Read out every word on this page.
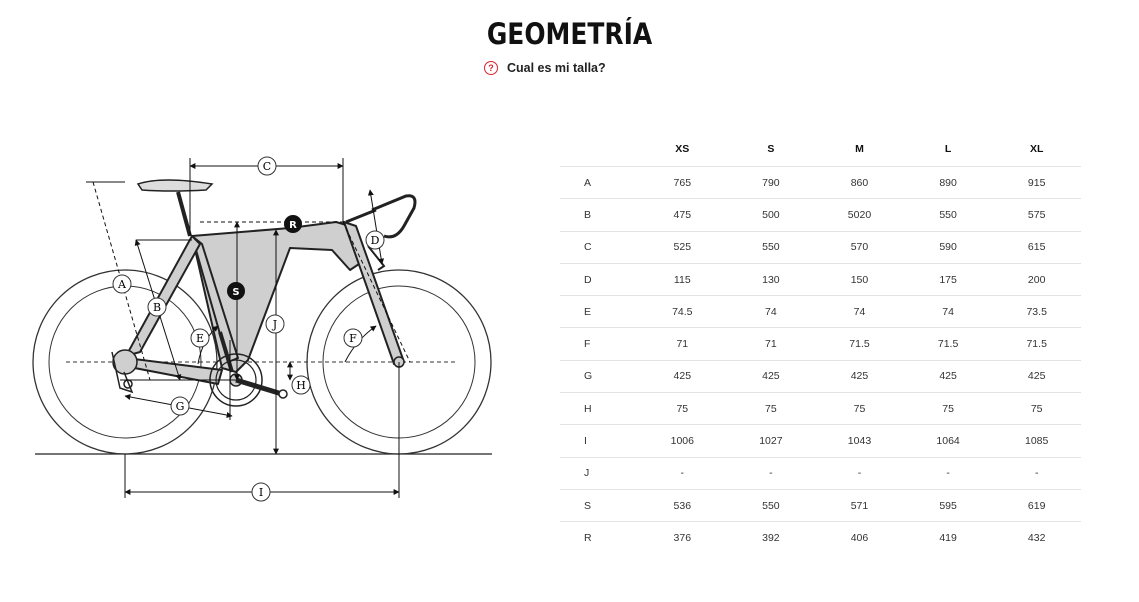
GEOMETRÍA
?	Cual es mi talla?
A
B
C
D
E	F
G
H
I
J
R
S
	XS	S	M	L	XL
A	765	790	860	890	915
B	475	500	5020	550	575
C	525	550	570	590	615
D	115	130	150	175	200
E	74.5	74	74	74	73.5
F	71	71	71.5	71.5	71.5
G	425	425	425	425	425
H	75	75	75	75	75
I	1006	1027	1043	1064	1085
J	-	-	-	-	-
S	536	550	571	595	619
R	376	392	406	419	432
